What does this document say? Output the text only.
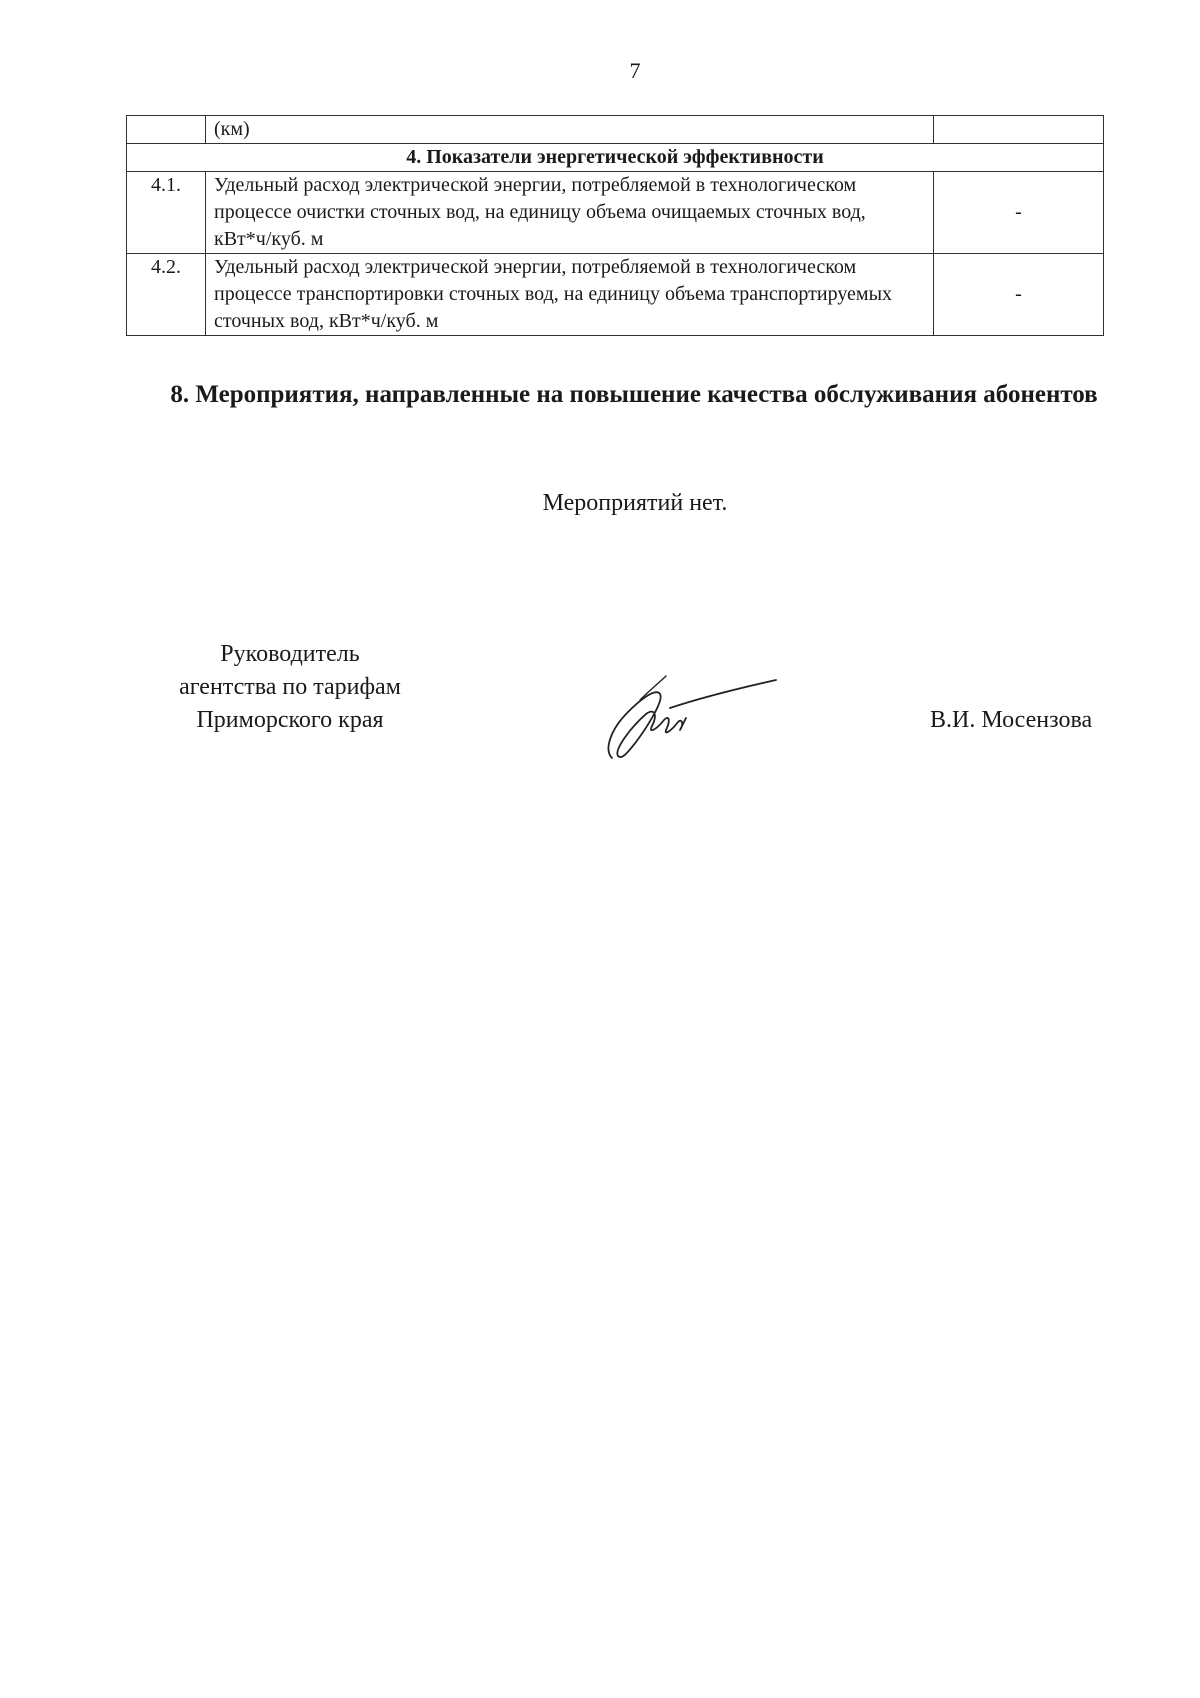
7
	(км)	
4. Показатели энергетической эффективности		
4.1.	Удельный расход электрической энергии, потребляемой в технологическом процессе очистки сточных вод, на единицу объема очищаемых сточных вод, кВт*ч/куб. м	-
4.2.	Удельный расход электрической энергии, потребляемой в технологическом процессе транспортировки сточных вод, на единицу объема транспортируемых сточных вод, кВт*ч/куб. м	-
8. Мероприятия, направленные на повышение качества обслуживания абонентов
Мероприятий нет.
Руководитель
агентства по тарифам
Приморского края	В.И. Мосензова
